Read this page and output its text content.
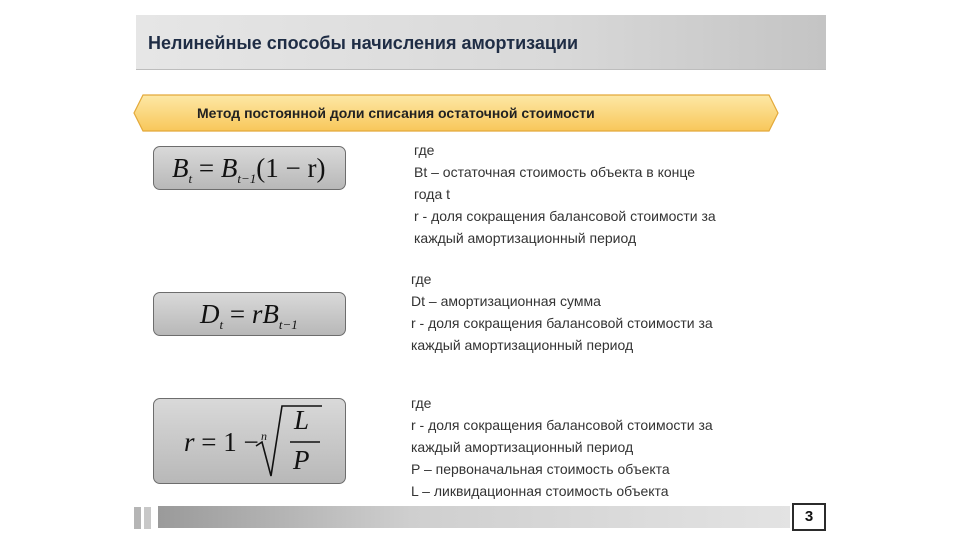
Нелинейные способы начисления амортизации
Метод постоянной доли списания остаточной стоимости
$B_t = B_{t-1}(1 - r)$
где
Bt – остаточная стоимость объекта в конце
года t
r - доля сокращения балансовой стоимости за
каждый амортизационный период
$D_t = rB_{t-1}$
где
Dt – амортизационная сумма
r - доля сокращения балансовой стоимости за
каждый амортизационный период
r = 1 − n
L
P
где
r - доля сокращения балансовой стоимости за
каждый амортизационный период
P – первоначальная стоимость объекта
L – ликвидационная стоимость объекта
3
